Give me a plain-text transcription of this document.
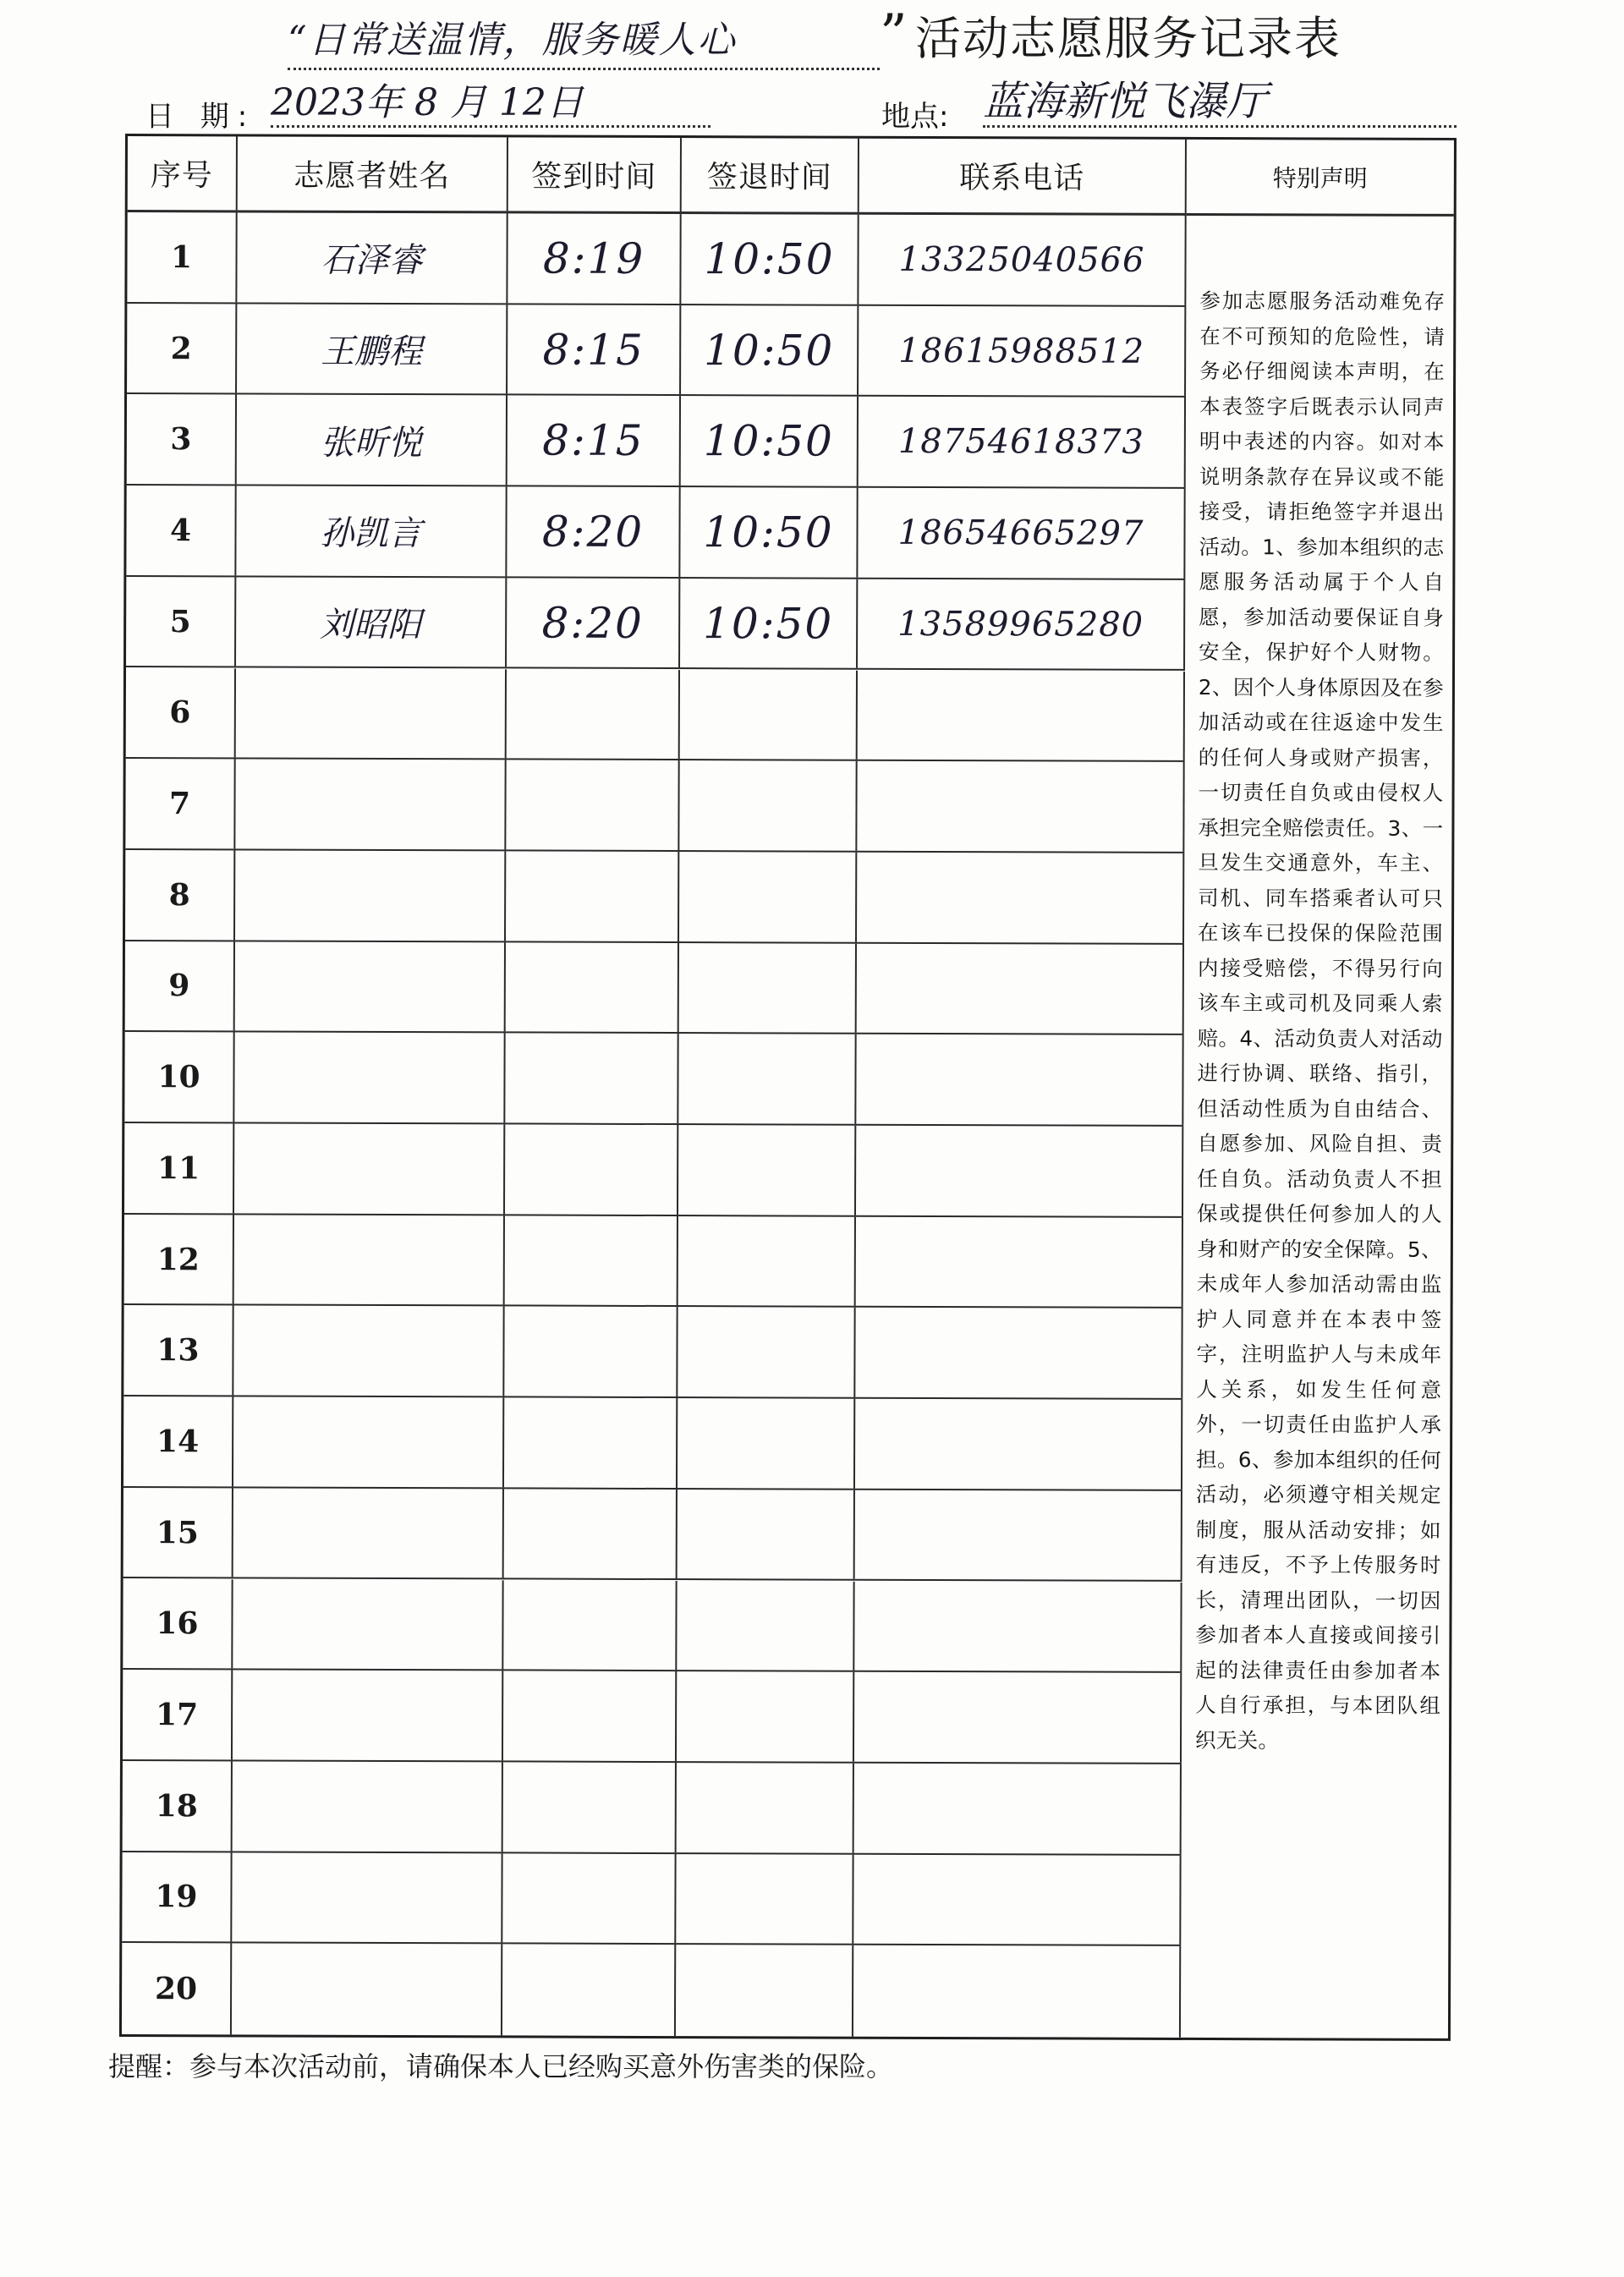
“日常送温情，服务暖人心	” 活动志愿服务记录表
日 期: 2023年 8 月 12日	地点: 蓝海新悦飞瀑厅
序号	志愿者姓名	签到时间	签退时间	联系电话
1	石泽睿	8:19 10:50 13325040566
2	王鹏程	8:15 10:50 18615988512
3	张昕悦	8:15 10:50 18754618373
4	孙凯言	8:20 10:50 18654665297
5	刘昭阳	8:20 10:50 13589965280
6
7
8
9
10
11
12
13
14
15
16
17
18
19
20
特别声明
参加志愿服务活动难免存在不可预知的危险性，请务必仔细阅读本声明，在本表签字后既表示认同声明中表述的内容。如对本说明条款存在异议或不能接受，请拒绝签字并退出活动。1、参加本组织的志愿服务活动属于个人自愿，参加活动要保证自身安全，保护好个人财物。2、因个人身体原因及在参加活动或在往返途中发生的任何人身或财产损害，一切责任自负或由侵权人承担完全赔偿责任。3、一旦发生交通意外，车主、司机、同车搭乘者认可只在该车已投保的保险范围内接受赔偿，不得另行向该车主或司机及同乘人索赔。4、活动负责人对活动进行协调、联络、指引，但活动性质为自由结合、自愿参加、风险自担、责任自负。活动负责人不担保或提供任何参加人的人身和财产的安全保障。5、未成年人参加活动需由监护人同意并在本表中签字，注明监护人与未成年人关系，如发生任何意外，一切责任由监护人承担。6、参加本组织的任何活动，必须遵守相关规定制度，服从活动安排；如有违反，不予上传服务时长，清理出团队，一切因参加者本人直接或间接引起的法律责任由参加者本人自行承担，与本团队组织无关。
提醒：参与本次活动前，请确保本人已经购买意外伤害类的保险。
